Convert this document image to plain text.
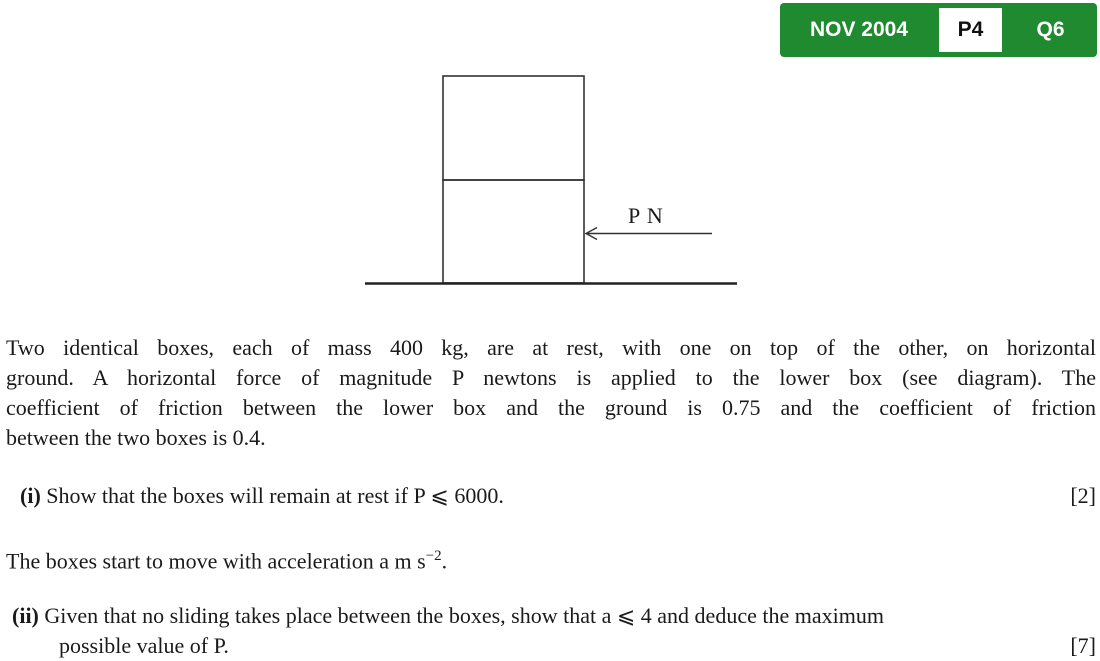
NOV 2004	P4	Q6
P N
Two identical boxes, each of mass 400 kg, are at rest, with one on top of the other, on horizontal
ground. A horizontal force of magnitude P newtons is applied to the lower box (see diagram). The
coefficient of friction between the lower box and the ground is 0.75 and the coefficient of friction
between the two boxes is 0.4.
(i) Show that the boxes will remain at rest if P ⩽ 6000.	[2]
The boxes start to move with acceleration a m $s^{-2}$.
(ii) Given that no sliding takes place between the boxes, show that a ⩽ 4 and deduce the maximum
possible value of P.	[7]
